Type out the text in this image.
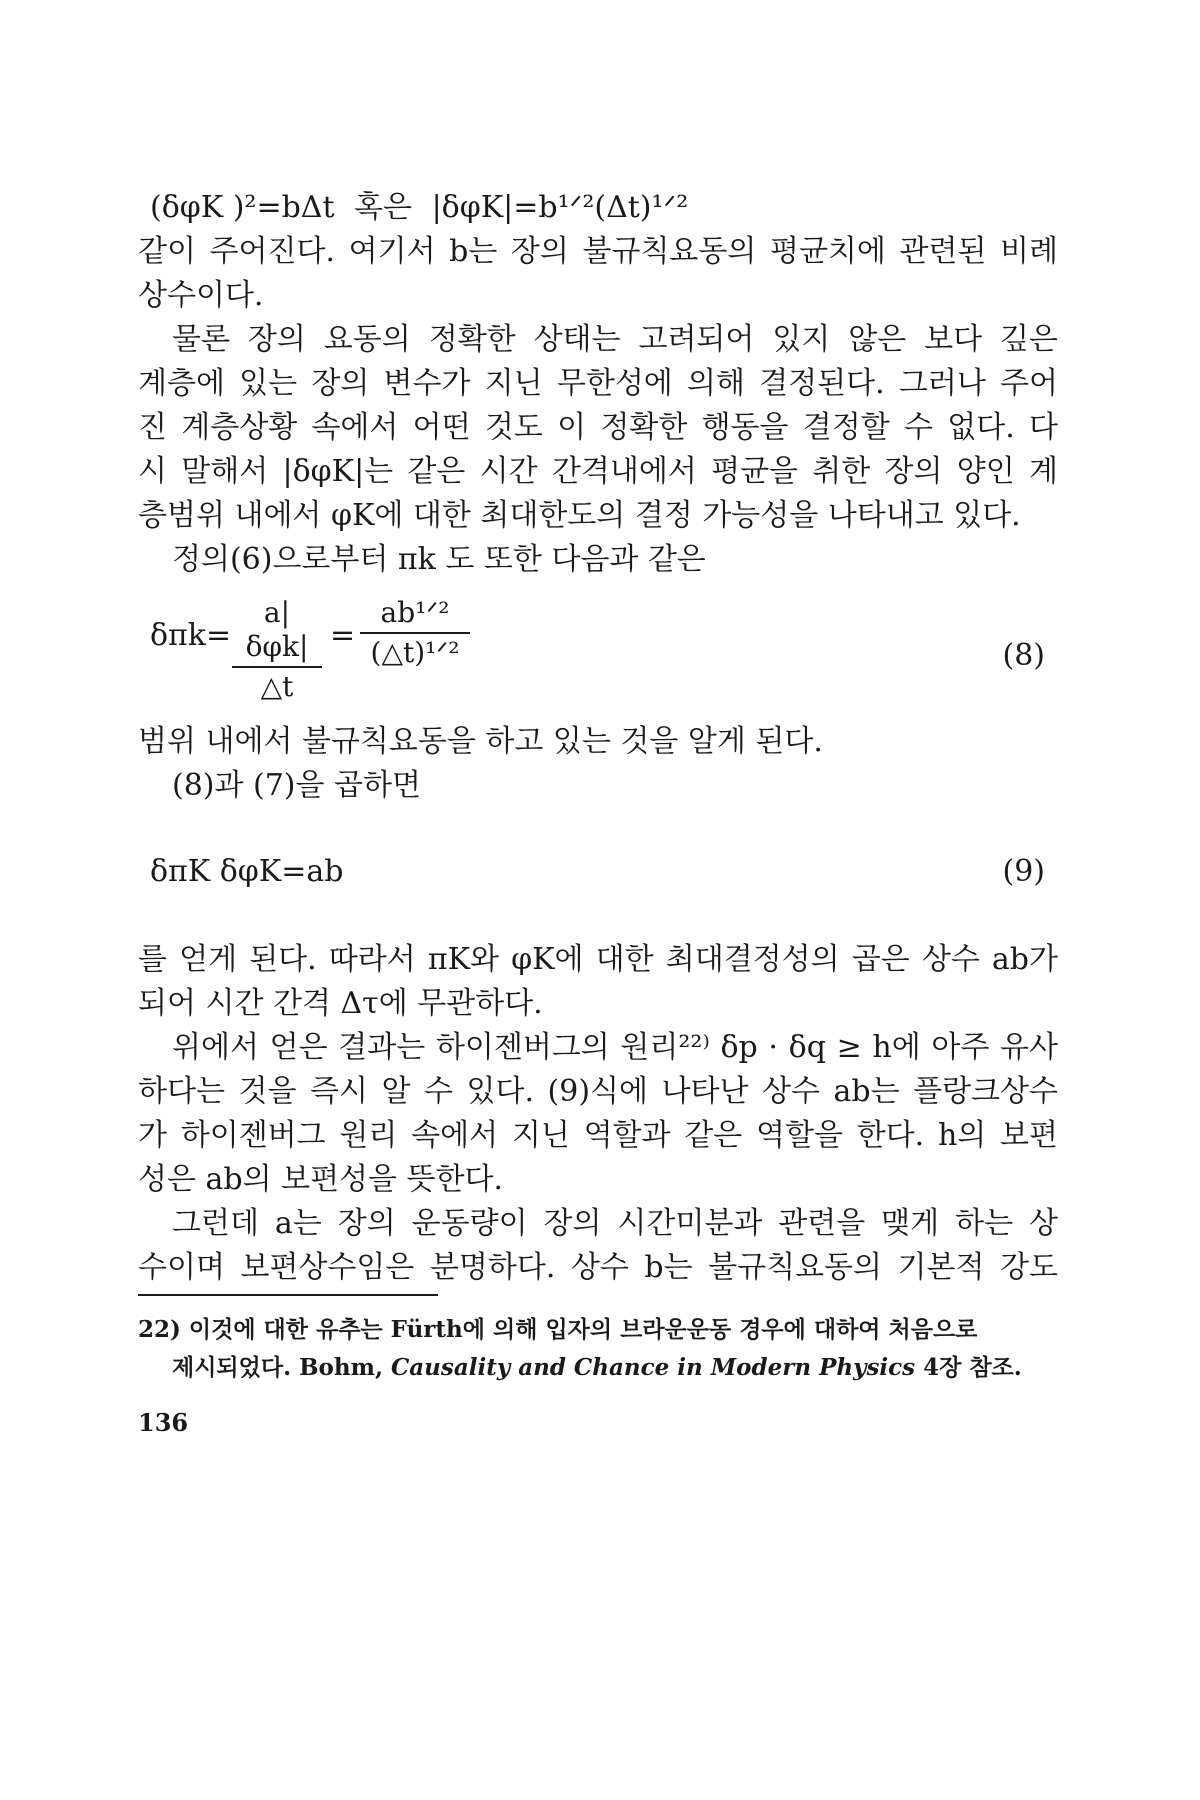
(δφK )²=bΔt 혹은 |δφK|=b¹ᐟ²(Δt)¹ᐟ²
같이 주어진다. 여기서 b는 장의 불규칙요동의 평균치에 관련된 비례
상수이다.
물론 장의 요동의 정확한 상태는 고려되어 있지 않은 보다 깊은
계층에 있는 장의 변수가 지닌 무한성에 의해 결정된다. 그러나 주어
진 계층상황 속에서 어떤 것도 이 정확한 행동을 결정할 수 없다. 다
시 말해서 |δφK|는 같은 시간 간격내에서 평균을 취한 장의 양인 계
층범위 내에서 φK에 대한 최대한도의 결정 가능성을 나타내고 있다.
정의(6)으로부터 πk 도 또한 다음과 같은
δπk =
a|δφk|
△t
=
ab¹ᐟ²
(△t)¹ᐟ²	(8)
범위 내에서 불규칙요동을 하고 있는 것을 알게 된다.
(8)과 (7)을 곱하면
δπK δφK=ab	(9)
를 얻게 된다. 따라서 πK와 φK에 대한 최대결정성의 곱은 상수 ab가
되어 시간 간격 Δτ에 무관하다.
위에서 얻은 결과는 하이젠버그의 원리²²⁾ δp · δq ≥ h에 아주 유사
하다는 것을 즉시 알 수 있다. (9)식에 나타난 상수 ab는 플랑크상수
가 하이젠버그 원리 속에서 지닌 역할과 같은 역할을 한다. h의 보편
성은 ab의 보편성을 뜻한다.
그런데 a는 장의 운동량이 장의 시간미분과 관련을 맺게 하는 상
수이며 보편상수임은 분명하다. 상수 b는 불규칙요동의 기본적 강도
22) 이것에 대한 유추는 Fürth에 의해 입자의 브라운운동 경우에 대하여 처음으로
제시되었다. Bohm, Causality and Chance in Modern Physics 4장 참조.
136
